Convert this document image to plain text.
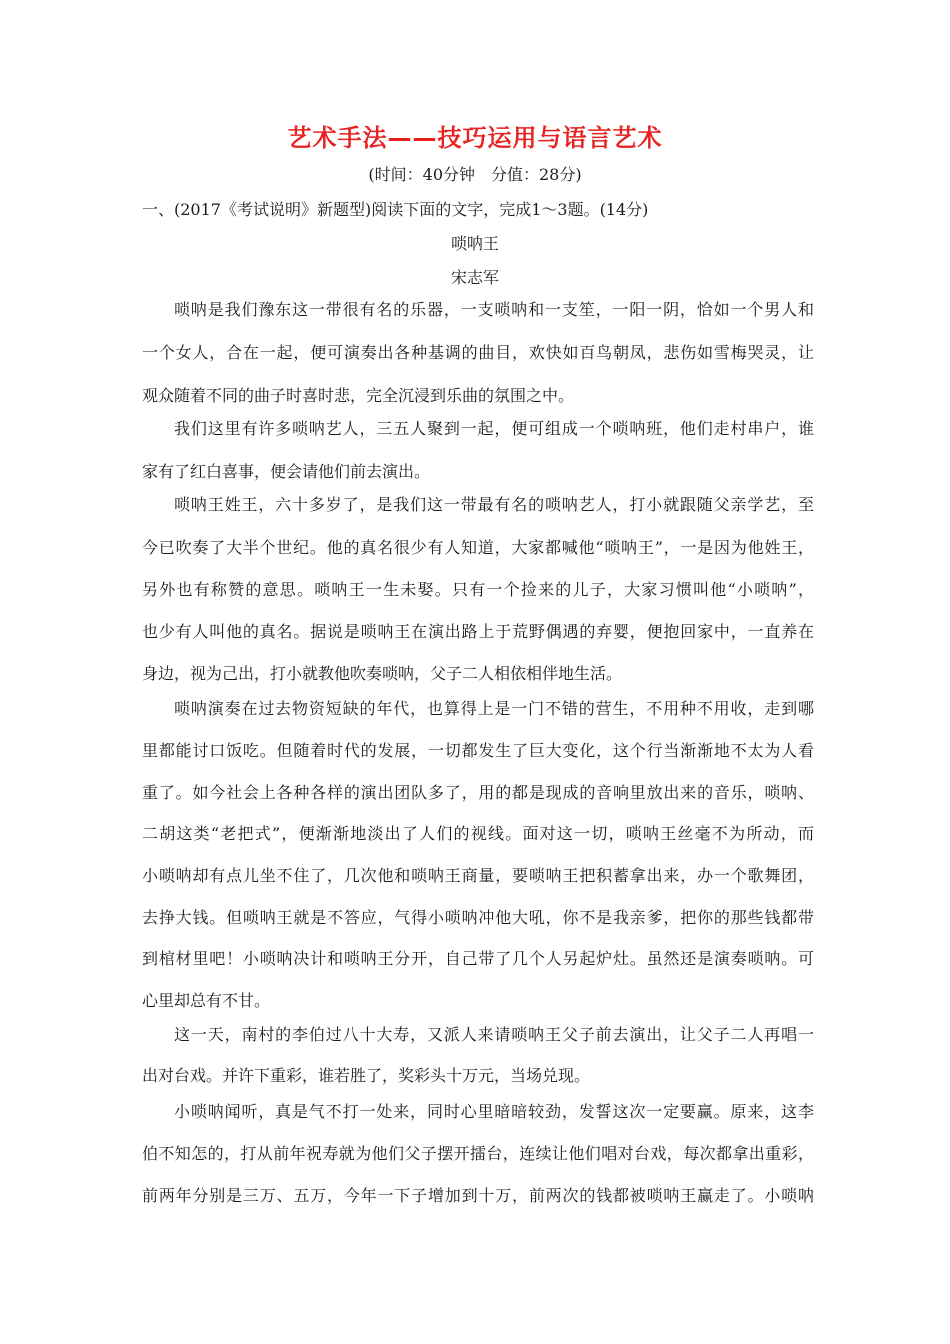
艺术手法——技巧运用与语言艺术
(时间：40分钟　分值：28分)
一、(2017《考试说明》新题型)阅读下面的文字，完成1～3题。(14分)
唢呐王
宋志军
唢呐是我们豫东这一带很有名的乐器，一支唢呐和一支笙，一阳一阴，恰如一个男人和
一个女人，合在一起，便可演奏出各种基调的曲目，欢快如百鸟朝凤，悲伤如雪梅哭灵，让
观众随着不同的曲子时喜时悲，完全沉浸到乐曲的氛围之中。
我们这里有许多唢呐艺人，三五人聚到一起，便可组成一个唢呐班，他们走村串户，谁
家有了红白喜事，便会请他们前去演出。
唢呐王姓王，六十多岁了，是我们这一带最有名的唢呐艺人，打小就跟随父亲学艺，至
今已吹奏了大半个世纪。他的真名很少有人知道，大家都喊他“唢呐王”，一是因为他姓王，
另外也有称赞的意思。唢呐王一生未娶。只有一个捡来的儿子，大家习惯叫他“小唢呐”，
也少有人叫他的真名。据说是唢呐王在演出路上于荒野偶遇的弃婴，便抱回家中，一直养在
身边，视为己出，打小就教他吹奏唢呐，父子二人相依相伴地生活。
唢呐演奏在过去物资短缺的年代，也算得上是一门不错的营生，不用种不用收，走到哪
里都能讨口饭吃。但随着时代的发展，一切都发生了巨大变化，这个行当渐渐地不太为人看
重了。如今社会上各种各样的演出团队多了，用的都是现成的音响里放出来的音乐，唢呐、
二胡这类“老把式”，便渐渐地淡出了人们的视线。面对这一切，唢呐王丝毫不为所动，而
小唢呐却有点儿坐不住了，几次他和唢呐王商量，要唢呐王把积蓄拿出来，办一个歌舞团，
去挣大钱。但唢呐王就是不答应，气得小唢呐冲他大吼，你不是我亲爹，把你的那些钱都带
到棺材里吧！小唢呐决计和唢呐王分开，自己带了几个人另起炉灶。虽然还是演奏唢呐。可
心里却总有不甘。
这一天，南村的李伯过八十大寿，又派人来请唢呐王父子前去演出，让父子二人再唱一
出对台戏。并许下重彩，谁若胜了，奖彩头十万元，当场兑现。
小唢呐闻听，真是气不打一处来，同时心里暗暗较劲，发誓这次一定要赢。原来，这李
伯不知怎的，打从前年祝寿就为他们父子摆开擂台，连续让他们唱对台戏，每次都拿出重彩，
前两年分别是三万、五万，今年一下子增加到十万，前两次的钱都被唢呐王赢走了。小唢呐
